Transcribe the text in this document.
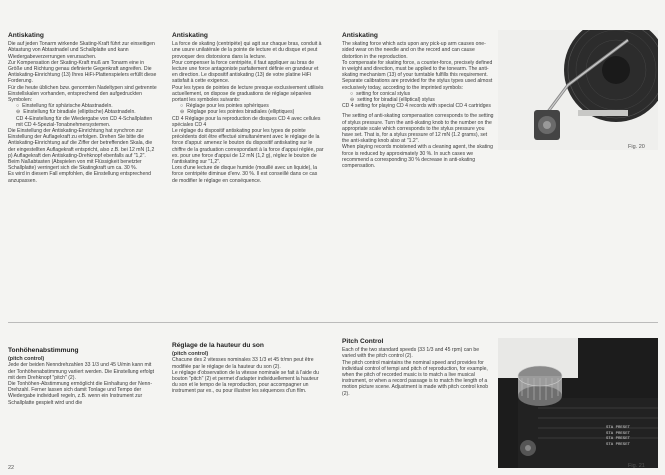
Antiskating

Die auf jeden Tonarm wirkende Skating-Kraft führt zur einseitigen Abtastung von Abtastnadel und Schallplatte und kann Wiedergabeverzerrungen verursachen.

Zur Kompensation der Skating-Kraft muß am Tonarm eine in Größe und Richtung genau definierte Gegenkraft angreifen. Die Antiskating-Einrichtung (13) Ihres HiFi-Plattenspielers erfüllt diese Forderung.

Für die heute üblichen bzw. genormten Nadeltypen sind getrennte Einstellskalen vorhanden, entsprechend den aufgedruckten Symbolen:

○ Einstellung für sphärische Abtastnadeln.
⊖ Einstellung für biradiale (elliptische) Abtastnadeln.

CD 4-Einstellung für die Wiedergabe von CD 4-Schallplatten mit CD 4-Spezial-Tonabnehmersystemen.

Die Einstellung der Antiskating-Einrichtung hat synchron zur Einstellung der Auflagekraft zu erfolgen. Drehen Sie bitte die Antiskating-Einrichtung auf die Ziffer der betreffenden Skala, die der eingestellten Auflagekraft entspricht, also z.B. bei 12 mN (1,2 p) Auflagekraft den Antiskating-Drehknopf ebenfalls auf "1,2".

Beim Naßabtasten (Abspielen von mit Flüssigkeit benetzter Schallplatte) verringert sich die Skatingkraft um ca. 30 %.

Es wird in diesem Fall empfohlen, die Einstellung entsprechend anzupassen.

Antiskating

La force de skating (centripète) qui agit sur chaque bras, conduit à une usure unilatérale de la pointe de lecture et du disque et peut provoquer des distorsions dans la lecture.

Pour compenser la force centripète, il faut appliquer au bras de lecture une force antagoniste parfaitement définie en grandeur et en direction. Le dispositif antiskating (13) de votre platine HiFi satisfait à cette exigence.

Pour les types de pointes de lecture presque exclusivement utilisés actuellement, on dispose de graduations de réglage séparées portant les symboles suivants:

○ Réglage pour les pointes sphériques
⊖ Réglage pour les pointes biradiales (elliptiques)

CD 4 Réglage pour la reproduction de disques CD 4 avec cellules spéciales CD 4

Le réglage du dispositif antiskating pour les types de pointe précédents doit être effectué simultanément avec le réglage de la force d'appui: amenez le bouton du dispositif antiskating sur le chiffre de la graduation correspondant à la force d'appui réglée, par ex. pour une force d'appui de 12 mN (1,2 g), réglez le bouton de l'antiskating sur "1,2".

Lors d'une lecture de disque humide (mouillé avec un liquide), la force centripète diminue d'env. 30 %. Il est conseillé dans ce cas de modifier le réglage en conséquence.

Antiskating

The skating force which acts upon any pick-up arm causes one-sided wear on the needle and on the record and can cause distortion in the reproduction.

To compensate for skating force, a counter-force, precisely defined in weight and direction, must be applied to the tonearm. The anti-skating mechanism (13) of your turntable fulfills this requirement.

Separate calibrations are provided for the stylus types used almost exclusively today, according to the imprinted symbols:

○ setting for conical stylus
⊖ setting for biradial (elliptical) stylus

CD 4 setting for playing CD 4 records with special CD 4 cartridges

The setting of anti-skating compensation corresponds to the setting of stylus pressure. Turn the anti-skating knob to the number on the appropriate scale which corresponds to the stylus pressure you have set. That is, for a stylus pressure of 12 mN (1.2 grams), set the anti-skating knob also at "1.2".

When playing records moistened with a cleaning agent, the skating force is reduced by approximately 30 %. In such cases we recommend a corresponding 30 % decrease in anti-skating compensation.

Fig. 20
Tonhöhenabstimmung
(pitch control)

Jede der beiden Nenndrehzahlen 33 1/3 und 45 U/min kann mit der Tonhöhenabstimmung variiert werden. Die Einstellung erfolgt mit dem Drehknopf "pitch" (2).

Die Tonhöhen-Abstimmung ermöglicht die Einhaltung der Nenn-Drehzahl. Ferner lassen sich damit Tonlage und Tempo der Wiedergabe individuell regeln, z.B. wenn ein Instrument zur Schallplatte gespielt wird und die

Réglage de la hauteur du son
(pitch control)

Chacune des 2 vitesses nominales 33 1/3 et 45 tr/mn peut être modifiée par le réglage de la hauteur du son (2).

Le réglage d'observation de la vitesse nominale se fait à l'aide du bouton "pitch" (2) et permet d'adapter individuellement la hauteur du son et le tempo de la reproduction, pour accompagner un instrument par ex., ou pour illustrer les séquences d'un film.

Pitch Control

Each of the two standard speeds (33 1/3 and 45 rpm) can be varied with the pitch control (2).

The pitch control maintains the nominal speed and provides for individual control of tempi and pitch of reproduction, for example, when the pitch of recorded music is to match a live musical instrument, or when a record passage is to match the length of a motion picture scene. Adjustment is made with pitch control knob (2).

STA PRESET
STA PRESET
STA PRESET
STA PRESET
Fig. 21
22
